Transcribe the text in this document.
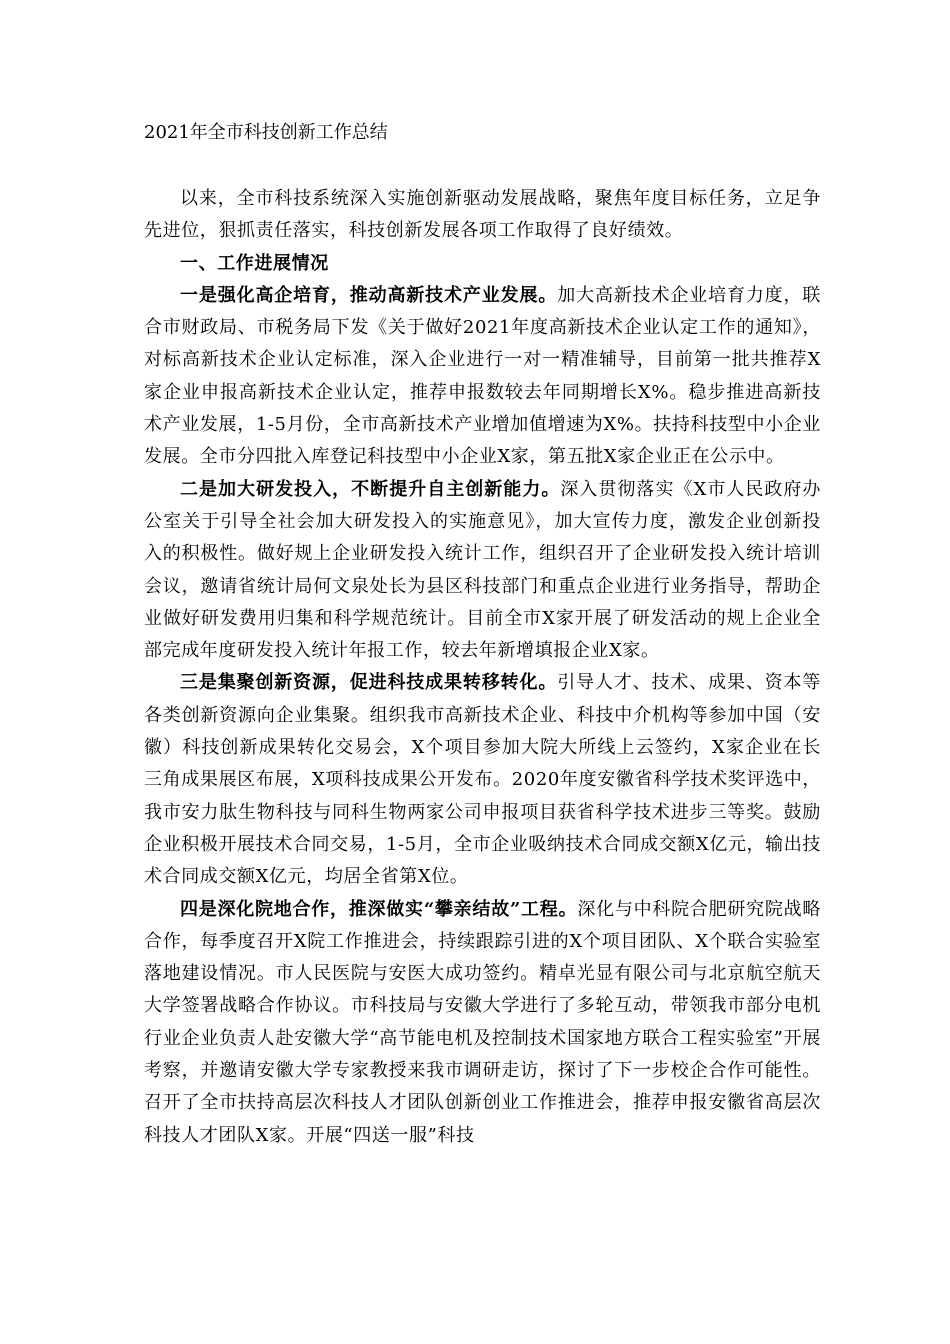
2021年全市科技创新工作总结

以来，全市科技系统深入实施创新驱动发展战略，聚焦年度目标任务，立足争先进位，狠抓责任落实，科技创新发展各项工作取得了良好绩效。

一、工作进展情况

一是强化高企培育，推动高新技术产业发展。加大高新技术企业培育力度，联合市财政局、市税务局下发《关于做好2021年度高新技术企业认定工作的通知》，对标高新技术企业认定标准，深入企业进行一对一精准辅导，目前第一批共推荐X家企业申报高新技术企业认定，推荐申报数较去年同期增长X%。稳步推进高新技术产业发展，1-5月份，全市高新技术产业增加值增速为X%。扶持科技型中小企业发展。全市分四批入库登记科技型中小企业X家，第五批X家企业正在公示中。

二是加大研发投入，不断提升自主创新能力。深入贯彻落实《X市人民政府办公室关于引导全社会加大研发投入的实施意见》，加大宣传力度，激发企业创新投入的积极性。做好规上企业研发投入统计工作，组织召开了企业研发投入统计培训会议，邀请省统计局何文泉处长为县区科技部门和重点企业进行业务指导，帮助企业做好研发费用归集和科学规范统计。目前全市X家开展了研发活动的规上企业全部完成年度研发投入统计年报工作，较去年新增填报企业X家。

三是集聚创新资源，促进科技成果转移转化。引导人才、技术、成果、资本等各类创新资源向企业集聚。组织我市高新技术企业、科技中介机构等参加中国（安徽）科技创新成果转化交易会，X个项目参加大院大所线上云签约，X家企业在长三角成果展区布展，X项科技成果公开发布。2020年度安徽省科学技术奖评选中，我市安力肽生物科技与同科生物两家公司申报项目获省科学技术进步三等奖。鼓励企业积极开展技术合同交易，1-5月，全市企业吸纳技术合同成交额X亿元，输出技术合同成交额X亿元，均居全省第X位。

四是深化院地合作，推深做实“攀亲结故”工程。深化与中科院合肥研究院战略合作，每季度召开X院工作推进会，持续跟踪引进的X个项目团队、X个联合实验室落地建设情况。市人民医院与安医大成功签约。精卓光显有限公司与北京航空航天大学签署战略合作协议。市科技局与安徽大学进行了多轮互动，带领我市部分电机行业企业负责人赴安徽大学“高节能电机及控制技术国家地方联合工程实验室”开展考察，并邀请安徽大学专家教授来我市调研走访，探讨了下一步校企合作可能性。召开了全市扶持高层次科技人才团队创新创业工作推进会，推荐申报安徽省高层次科技人才团队X家。开展“四送一服”科技
